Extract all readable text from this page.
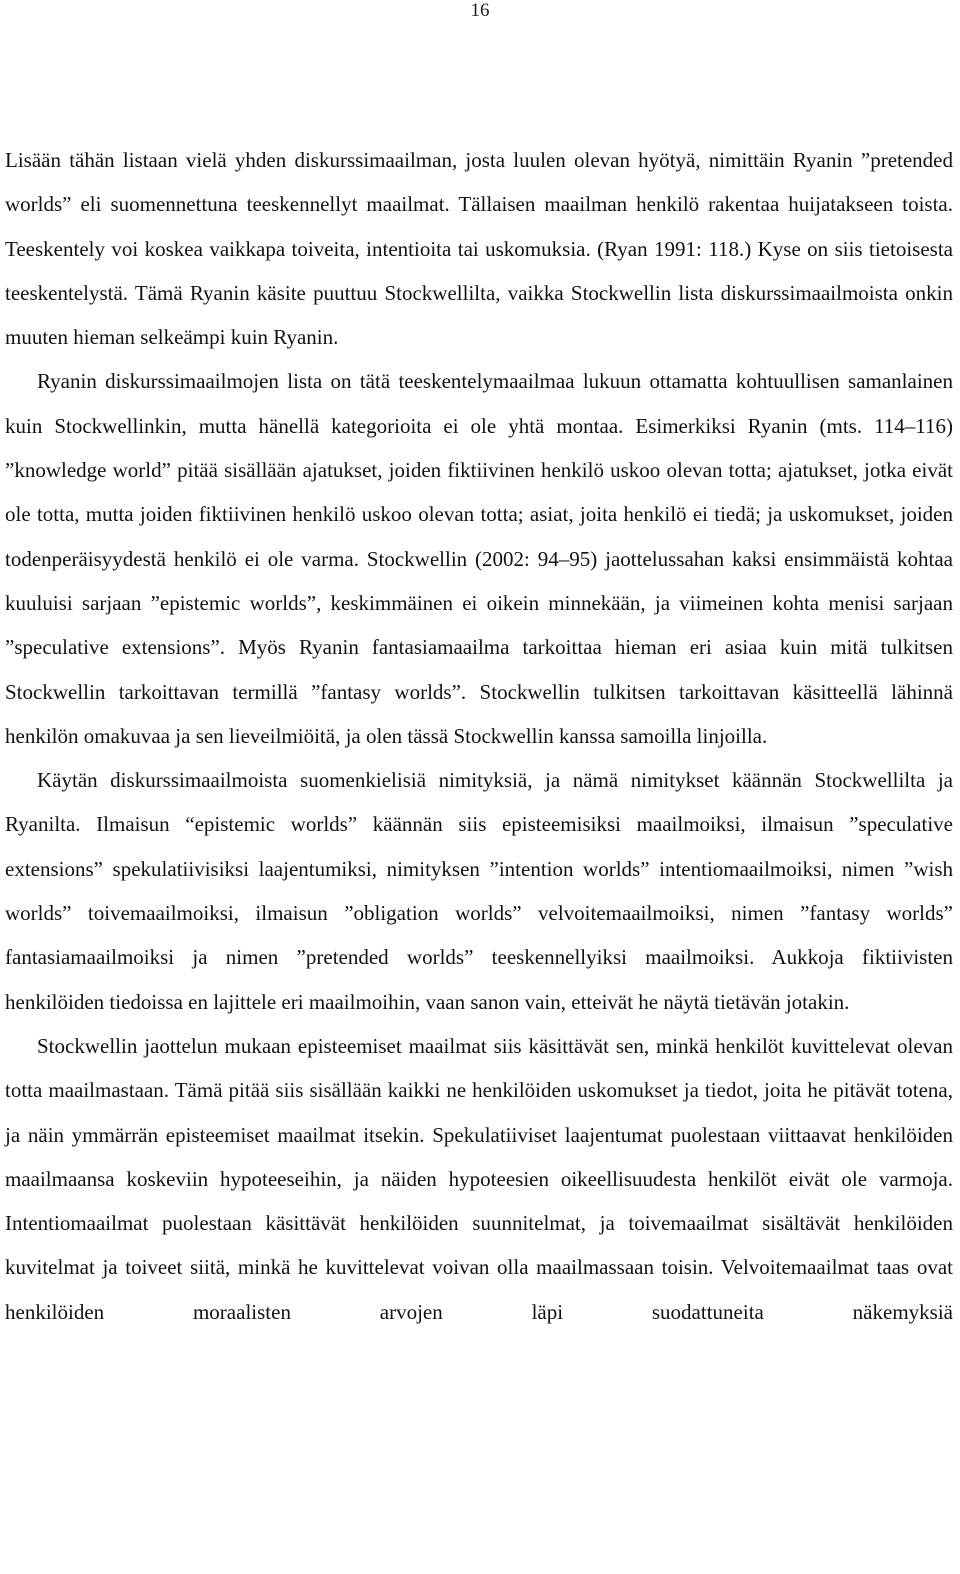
16

Lisään tähän listaan vielä yhden diskurssimaailman, josta luulen olevan hyötyä, nimittäin Ryanin ”pretended worlds” eli suomennettuna teeskennellyt maailmat. Tällaisen maailman henkilö rakentaa huijatakseen toista. Teeskentely voi koskea vaikkapa toiveita, intentioita tai uskomuksia. (Ryan 1991: 118.) Kyse on siis tietoisesta teeskentelystä. Tämä Ryanin käsite puuttuu Stockwellilta, vaikka Stockwellin lista diskurssimaailmoista onkin muuten hieman selkeämpi kuin Ryanin.

Ryanin diskurssimaailmojen lista on tätä teeskentelymaailmaa lukuun ottamatta kohtuullisen samanlainen kuin Stockwellinkin, mutta hänellä kategorioita ei ole yhtä montaa. Esimerkiksi Ryanin (mts. 114–116) ”knowledge world” pitää sisällään ajatukset, joiden fiktiivinen henkilö uskoo olevan totta; ajatukset, jotka eivät ole totta, mutta joiden fiktiivinen henkilö uskoo olevan totta; asiat, joita henkilö ei tiedä; ja uskomukset, joiden todenperäisyydestä henkilö ei ole varma. Stockwellin (2002: 94–95) jaottelussahan kaksi ensimmäistä kohtaa kuuluisi sarjaan ”epistemic worlds”, keskimmäinen ei oikein minnekään, ja viimeinen kohta menisi sarjaan ”speculative extensions”. Myös Ryanin fantasiamaailma tarkoittaa hieman eri asiaa kuin mitä tulkitsen Stockwellin tarkoittavan termillä ”fantasy worlds”. Stockwellin tulkitsen tarkoittavan käsitteellä lähinnä henkilön omakuvaa ja sen lieveilmiöitä, ja olen tässä Stockwellin kanssa samoilla linjoilla.

Käytän diskurssimaailmoista suomenkielisiä nimityksiä, ja nämä nimitykset käännän Stockwellilta ja Ryanilta. Ilmaisun “epistemic worlds” käännän siis episteemisiksi maailmoiksi, ilmaisun ”speculative extensions” spekulatiivisiksi laajentumiksi, nimityksen ”intention worlds” intentiomaailmoiksi, nimen ”wish worlds” toivemaailmoiksi, ilmaisun ”obligation worlds” velvoitemaailmoiksi, nimen ”fantasy worlds” fantasiamaailmoiksi ja nimen ”pretended worlds” teeskennellyiksi maailmoiksi. Aukkoja fiktiivisten henkilöiden tiedoissa en lajittele eri maailmoihin, vaan sanon vain, etteivät he näytä tietävän jotakin.

Stockwellin jaottelun mukaan episteemiset maailmat siis käsittävät sen, minkä henkilöt kuvittelevat olevan totta maailmastaan. Tämä pitää siis sisällään kaikki ne henkilöiden uskomukset ja tiedot, joita he pitävät totena, ja näin ymmärrän episteemiset maailmat itsekin. Spekulatiiviset laajentumat puolestaan viittaavat henkilöiden maailmaansa koskeviin hypoteeseihin, ja näiden hypoteesien oikeellisuudesta henkilöt eivät ole varmoja. Intentiomaailmat puolestaan käsittävät henkilöiden suunnitelmat, ja toivemaailmat sisältävät henkilöiden kuvitelmat ja toiveet siitä, minkä he kuvittelevat voivan olla maailmassaan toisin. Velvoitemaailmat taas ovat henkilöiden moraalisten arvojen läpi suodattuneita näkemyksiä
